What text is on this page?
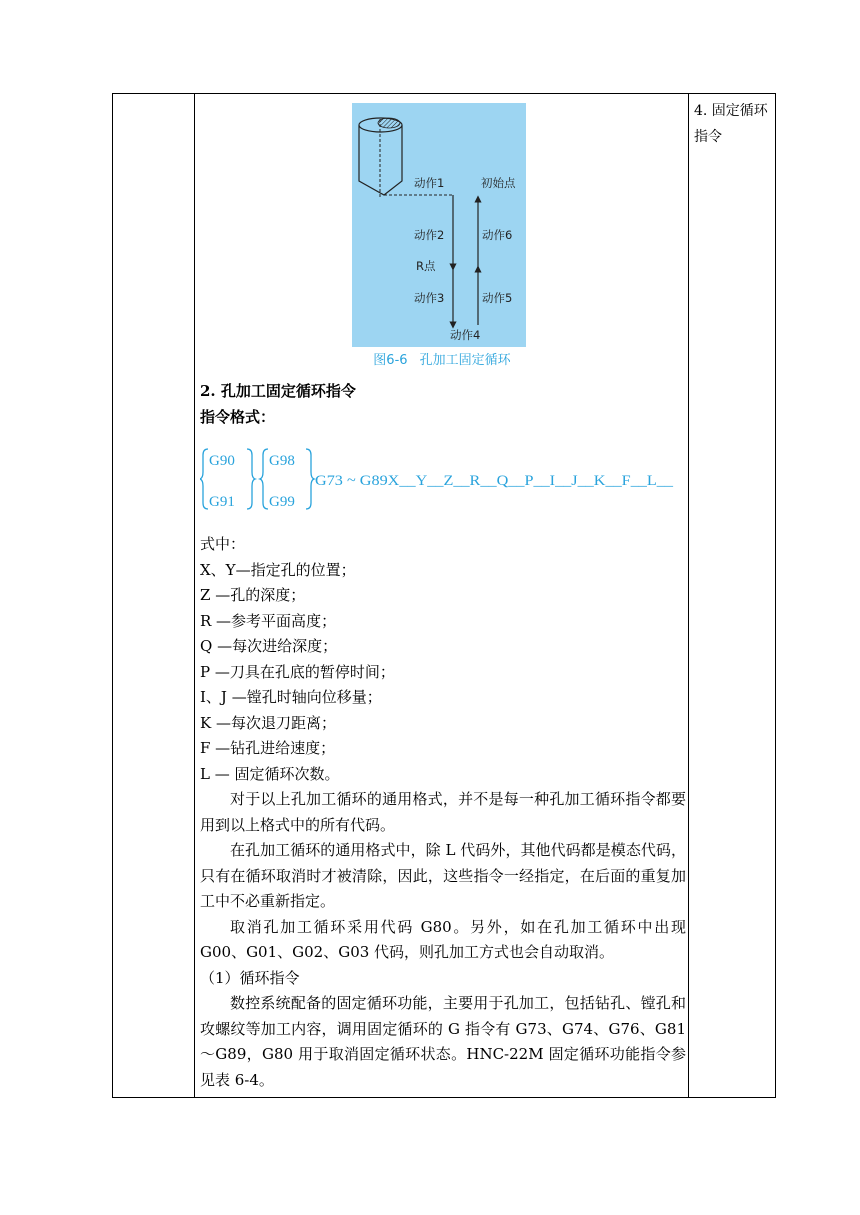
4. 固定循环指令
动作1	初始点
动作2	动作6
R点
动作3	动作5
动作4
图6-6 孔加工固定循环
2. 孔加工固定循环指令
指令格式：
G90
G91
G98
G99
G73 ~ G89X__Y__Z__R__Q__P__I__J__K__F__L__

式中：

X、Y—指定孔的位置；

Z —孔的深度；

R —参考平面高度；

Q —每次进给深度；

P —刀具在孔底的暂停时间；

I、J —镗孔时轴向位移量；

K —每次退刀距离；

F —钻孔进给速度；

L — 固定循环次数。

对于以上孔加工循环的通用格式，并不是每一种孔加工循环指令都要用到以上格式中的所有代码。

在孔加工循环的通用格式中，除 L 代码外，其他代码都是模态代码，只有在循环取消时才被清除，因此，这些指令一经指定，在后面的重复加工中不必重新指定。

取消孔加工循环采用代码 G80。另外，如在孔加工循环中出现 G00、G01、G02、G03 代码，则孔加工方式也会自动取消。

（1）循环指令

数控系统配备的固定循环功能，主要用于孔加工，包括钻孔、镗孔和攻螺纹等加工内容，调用固定循环的 G 指令有 G73、G74、G76、G81～G89，G80 用于取消固定循环状态。HNC-22M 固定循环功能指令参见表 6-4。
